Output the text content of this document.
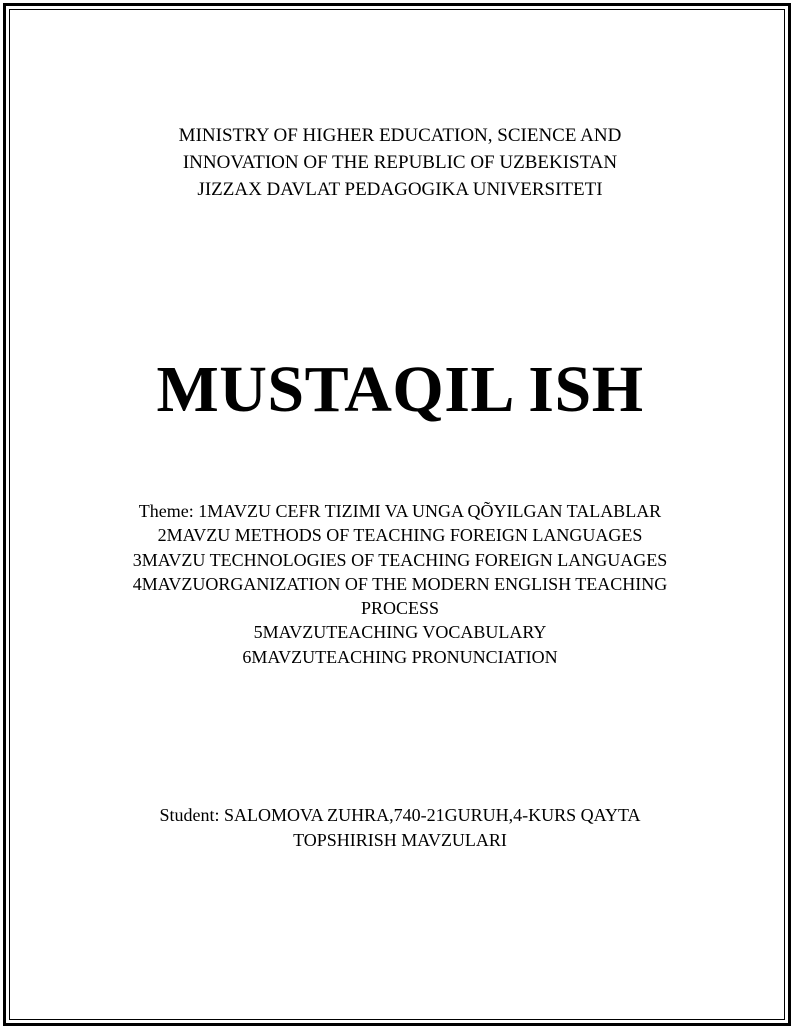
MINISTRY OF HIGHER EDUCATION, SCIENCE AND
INNOVATION OF THE REPUBLIC OF UZBEKISTAN
JIZZAX DAVLAT PEDAGOGIKA UNIVERSITETI
MUSTAQIL ISH
Theme: 1MAVZU CEFR TIZIMI VA UNGA QÕYILGAN TALABLAR
2MAVZU METHODS OF TEACHING FOREIGN LANGUAGES
3MAVZU TECHNOLOGIES OF TEACHING FOREIGN LANGUAGES
4MAVZUORGANIZATION OF THE MODERN ENGLISH TEACHING
PROCESS
5MAVZUTEACHING VOCABULARY
6MAVZUTEACHING PRONUNCIATION
Student: SALOMOVA ZUHRA,740-21GURUH,4-KURS QAYTA
TOPSHIRISH MAVZULARI
